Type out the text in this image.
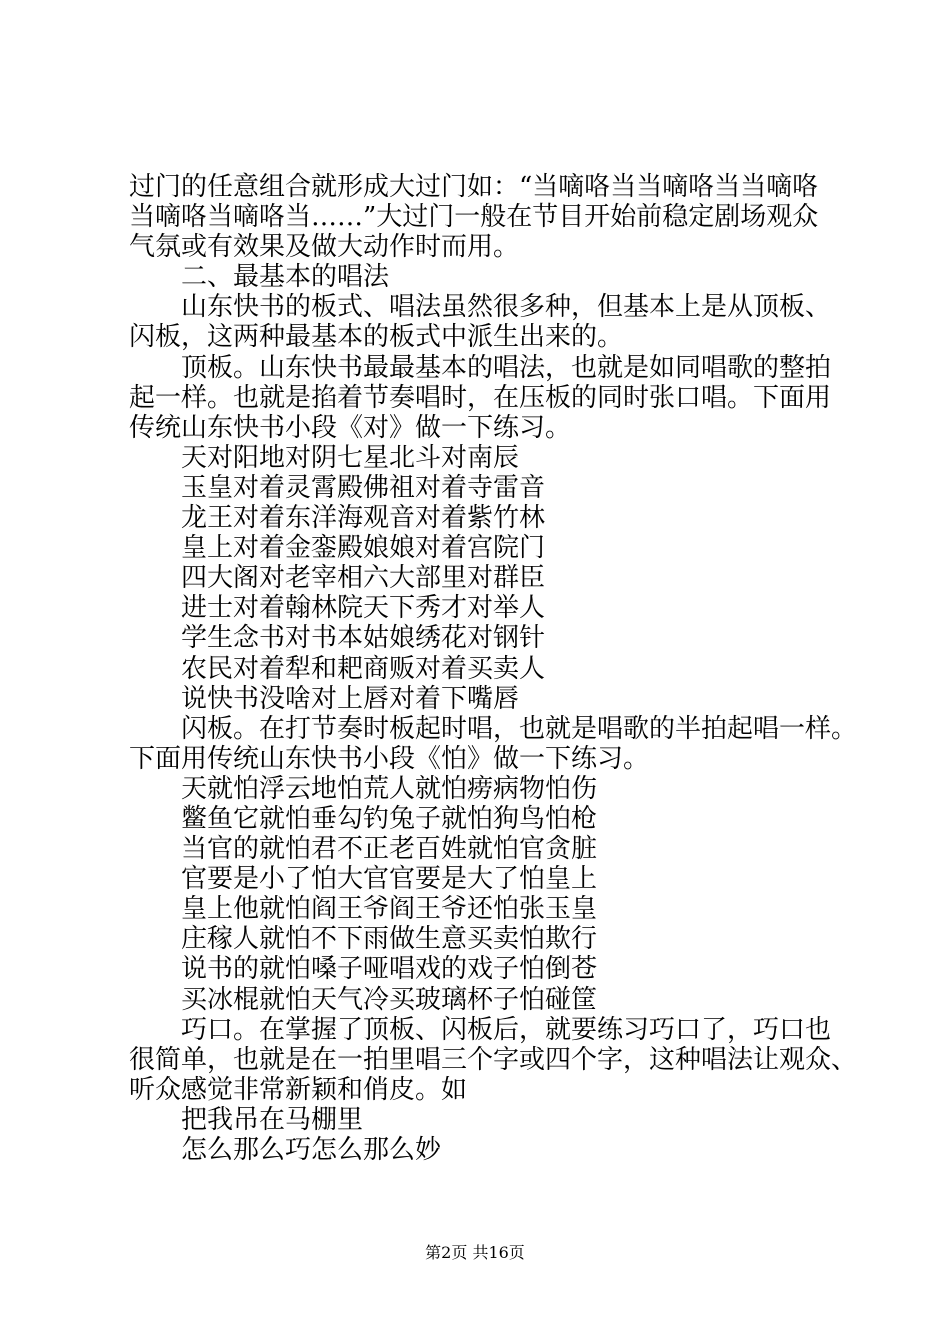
过门的任意组合就形成大过门如：“当嘀咯当当嘀咯当当嘀咯

当嘀咯当嘀咯当……”大过门一般在节目开始前稳定剧场观众

气氛或有效果及做大动作时而用。

二、最基本的唱法

山东快书的板式、唱法虽然很多种，但基本上是从顶板、

闪板，这两种最基本的板式中派生出来的。

顶板。山东快书最最基本的唱法，也就是如同唱歌的整拍

起一样。也就是掐着节奏唱时，在压板的同时张口唱。下面用

传统山东快书小段《对》做一下练习。

天对阳地对阴七星北斗对南辰

玉皇对着灵霄殿佛祖对着寺雷音

龙王对着东洋海观音对着紫竹林

皇上对着金銮殿娘娘对着宫院门

四大阁对老宰相六大部里对群臣

进士对着翰林院天下秀才对举人

学生念书对书本姑娘绣花对钢针

农民对着犁和耙商贩对着买卖人

说快书没啥对上唇对着下嘴唇

闪板。在打节奏时板起时唱，也就是唱歌的半拍起唱一样。

下面用传统山东快书小段《怕》做一下练习。

天就怕浮云地怕荒人就怕痨病物怕伤

鳖鱼它就怕垂勾钓兔子就怕狗鸟怕枪

当官的就怕君不正老百姓就怕官贪脏

官要是小了怕大官官要是大了怕皇上

皇上他就怕阎王爷阎王爷还怕张玉皇

庄稼人就怕不下雨做生意买卖怕欺行

说书的就怕嗓子哑唱戏的戏子怕倒苍

买冰棍就怕天气冷买玻璃杯子怕碰筐

巧口。在掌握了顶板、闪板后，就要练习巧口了，巧口也

很简单，也就是在一拍里唱三个字或四个字，这种唱法让观众、

听众感觉非常新颖和俏皮。如

把我吊在马棚里

怎么那么巧怎么那么妙

第2页 共16页
